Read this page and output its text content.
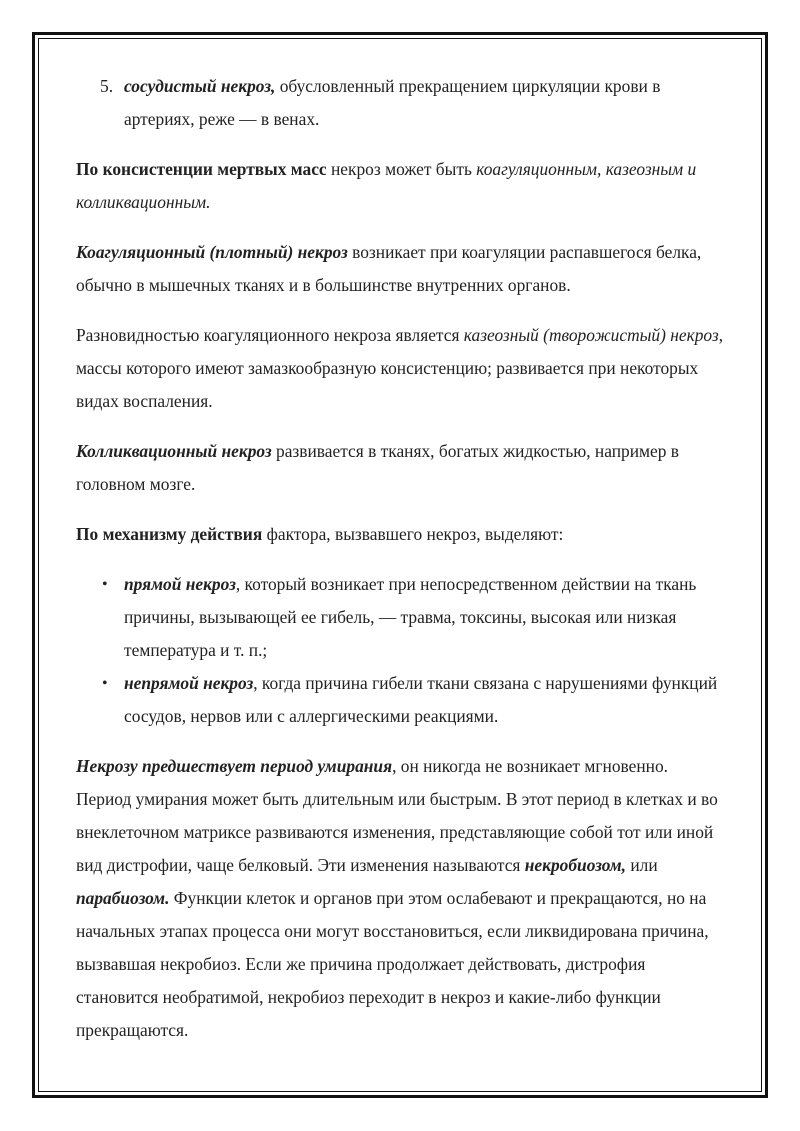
5. сосудистый некроз, обусловленный прекращением циркуляции крови в артериях, реже — в венах.

По консистенции мертвых масс некроз может быть коагуляционным, казеозным и колликвационным.

Коагуляционный (плотный) некроз возникает при коагуляции распавшегося белка, обычно в мышечных тканях и в большинстве внутренних органов.

Разновидностью коагуляционного некроза является казеозный (творожистый) некроз, массы которого имеют замазкообразную консистенцию; развивается при некоторых видах воспаления.

Колликвационный некроз развивается в тканях, богатых жидкостью, например в головном мозге.

По механизму действия фактора, вызвавшего некроз, выделяют:

• прямой некроз, который возникает при непосредственном действии на ткань причины, вызывающей ее гибель, — травма, токсины, высокая или низкая температура и т. п.;
• непрямой некроз, когда причина гибели ткани связана с нарушениями функций сосудов, нервов или с аллергическими реакциями.

Некрозу предшествует период умирания, он никогда не возникает мгновенно. Период умирания может быть длительным или быстрым. В этот период в клетках и во внеклеточном матриксе развиваются изменения, представляющие собой тот или иной вид дистрофии, чаще белковый. Эти изменения называются некробиозом, или парабиозом. Функции клеток и органов при этом ослабевают и прекращаются, но на начальных этапах процесса они могут восстановиться, если ликвидирована причина, вызвавшая некробиоз. Если же причина продолжает действовать, дистрофия становится необратимой, некробиоз переходит в некроз и какие-либо функции прекращаются.
